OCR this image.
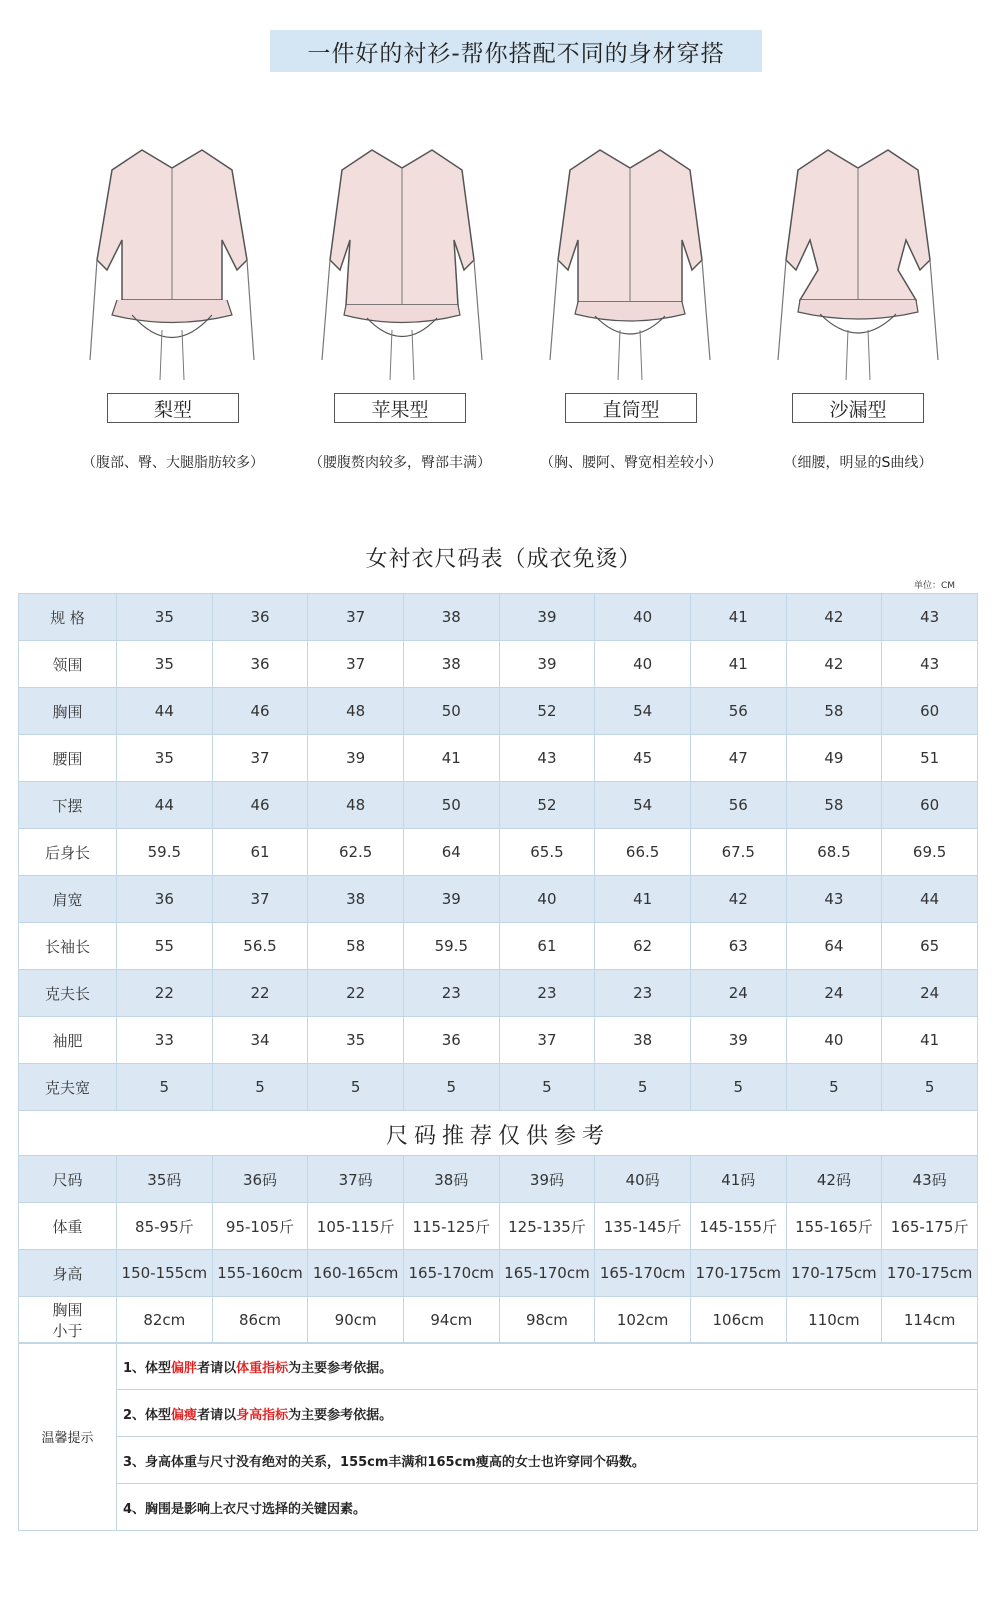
一件好的衬衫-帮你搭配不同的身材穿搭
梨型	苹果型	直筒型	沙漏型
（腹部、臀、大腿脂肪较多）	（腰腹赘肉较多，臀部丰满）	（胸、腰阿、臀宽相差较小）	（细腰，明显的S曲线）
女衬衣尺码表（成衣免烫）
单位：CM
规 格	35	36	37	38	39	40	41	42	43
领围	35	36	37	38	39	40	41	42	43
胸围	44	46	48	50	52	54	56	58	60
腰围	35	37	39	41	43	45	47	49	51
下摆	44	46	48	50	52	54	56	58	60
后身长	59.5	61	62.5	64	65.5	66.5	67.5	68.5	69.5
肩宽	36	37	38	39	40	41	42	43	44
长袖长	55	56.5	58	59.5	61	62	63	64	65
克夫长	22	22	22	23	23	23	24	24	24
袖肥	33	34	35	36	37	38	39	40	41
克夫宽	5	5	5	5	5	5	5	5	5
尺码推荐仅供参考									
尺码	35码	36码	37码	38码	39码	40码	41码	42码	43码
体重	85-95斤	95-105斤	105-115斤	115-125斤	125-135斤	135-145斤	145-155斤	155-165斤	165-175斤
身高	150-155cm	155-160cm	160-165cm	165-170cm	165-170cm	165-170cm	170-175cm	170-175cm	170-175cm

胸围
小于	82cm	86cm	90cm	94cm	98cm	102cm	106cm	110cm	114cm
温馨提示	1、体型偏胖者请以体重指标为主要参考依据。
2、体型偏瘦者请以身高指标为主要参考依据。
3、身高体重与尺寸没有绝对的关系，155cm丰满和165cm瘦高的女士也许穿同个码数。
4、胸围是影响上衣尺寸选择的关键因素。
